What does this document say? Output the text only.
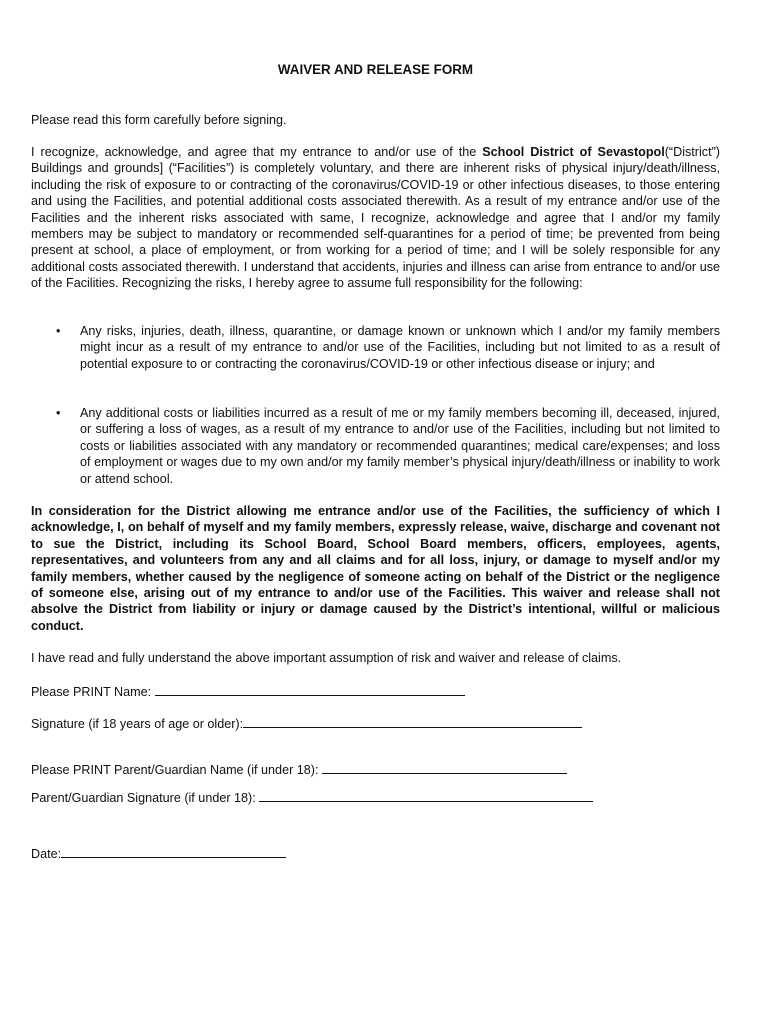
WAIVER AND RELEASE FORM

Please read this form carefully before signing.

I recognize, acknowledge, and agree that my entrance to and/or use of the School District of Sevastopol(“District”) Buildings and grounds] (“Facilities”) is completely voluntary, and there are inherent risks of physical injury/death/illness, including the risk of exposure to or contracting of the coronavirus/COVID-19 or other infectious diseases, to those entering and using the Facilities, and potential additional costs associated therewith. As a result of my entrance and/or use of the Facilities and the inherent risks associated with same, I recognize, acknowledge and agree that I and/or my family members may be subject to mandatory or recommended self-quarantines for a period of time; be prevented from being present at school, a place of employment, or from working for a period of time; and I will be solely responsible for any additional costs associated therewith. I understand that accidents, injuries and illness can arise from entrance to and/or use of the Facilities. Recognizing the risks, I hereby agree to assume full responsibility for the following:

• Any risks, injuries, death, illness, quarantine, or damage known or unknown which I and/or my family members might incur as a result of my entrance to and/or use of the Facilities, including but not limited to as a result of potential exposure to or contracting the coronavirus/COVID-19 or other infectious disease or injury; and
• Any additional costs or liabilities incurred as a result of me or my family members becoming ill, deceased, injured, or suffering a loss of wages, as a result of my entrance to and/or use of the Facilities, including but not limited to costs or liabilities associated with any mandatory or recommended quarantines; medical care/expenses; and loss of employment or wages due to my own and/or my family member’s physical injury/death/illness or inability to work or attend school.

In consideration for the District allowing me entrance and/or use of the Facilities, the sufficiency of which I acknowledge, I, on behalf of myself and my family members, expressly release, waive, discharge and covenant not to sue the District, including its School Board, School Board members, officers, employees, agents, representatives, and volunteers from any and all claims and for all loss, injury, or damage to myself and/or my family members, whether caused by the negligence of someone acting on behalf of the District or the negligence of someone else, arising out of my entrance to and/or use of the Facilities. This waiver and release shall not absolve the District from liability or injury or damage caused by the District’s intentional, willful or malicious conduct.

I have read and fully understand the above important assumption of risk and waiver and release of claims.

Please PRINT Name:
Signature (if 18 years of age or older):
Please PRINT Parent/Guardian Name (if under 18):
Parent/Guardian Signature (if under 18):
Date:
